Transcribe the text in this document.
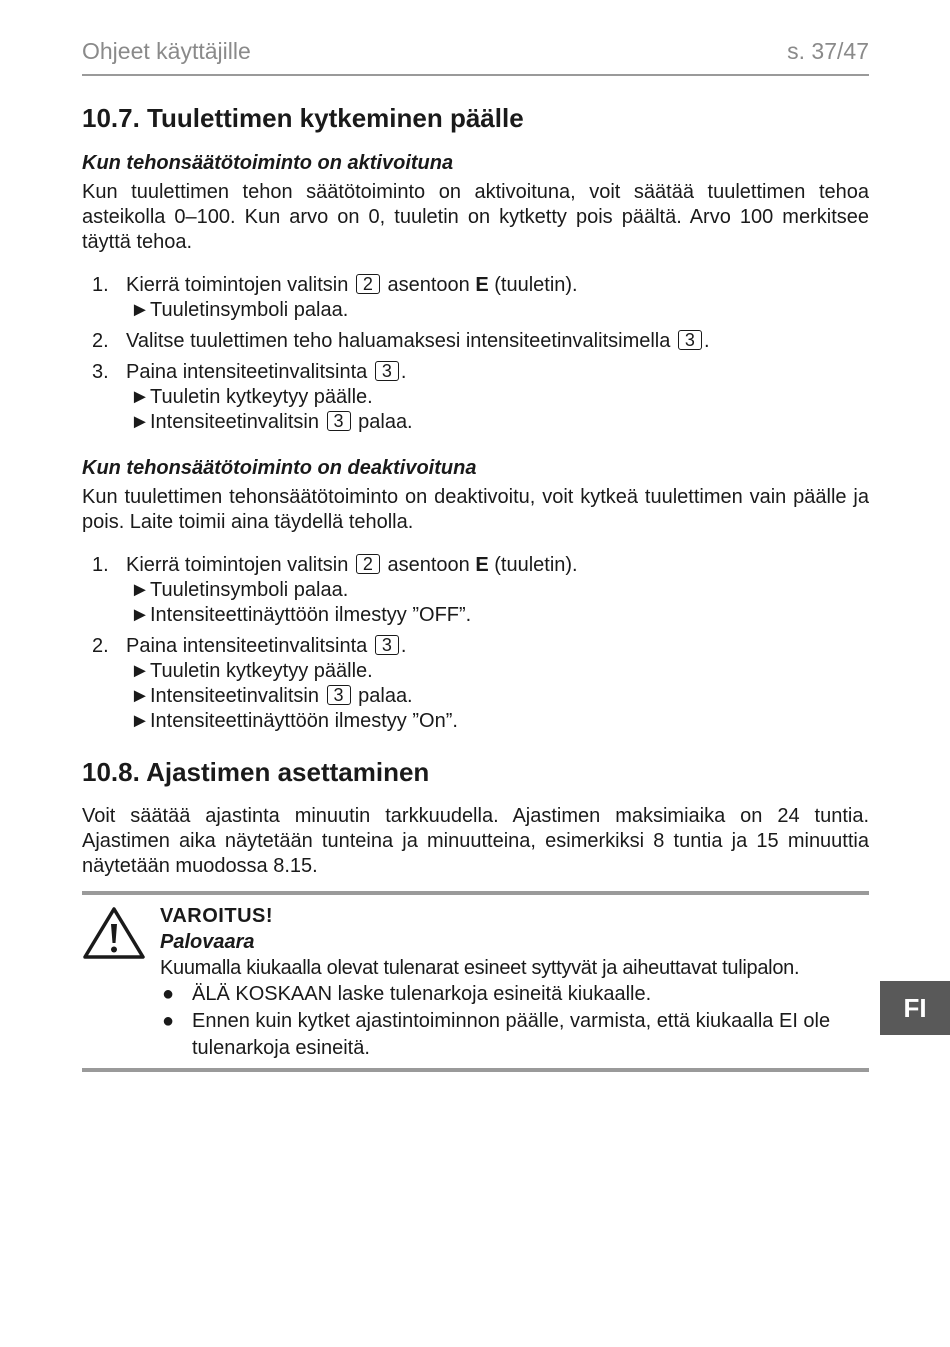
Ohjeet käyttäjille	s. 37/47
10.7. Tuulettimen kytkeminen päälle
Kun tehonsäätötoiminto on aktivoituna

Kun tuulettimen tehon säätötoiminto on aktivoituna, voit säätää tuulettimen tehoa asteikolla 0–100. Kun arvo on 0, tuuletin on kytketty pois päältä. Arvo 100 merkitsee täyttä tehoa.

1. Kierrä toimintojen valitsin 2 asentoon E (tuuletin).
►Tuuletinsymboli palaa.
2. Valitse tuulettimen teho haluamaksesi intensiteetinvalitsimella 3 .
3. Paina intensiteetinvalitsinta 3 .
►Tuuletin kytkeytyy päälle.
►Intensiteetinvalitsin 3 palaa.
Kun tehonsäätötoiminto on deaktivoituna

Kun tuulettimen tehonsäätötoiminto on deaktivoitu, voit kytkeä tuulettimen vain päälle ja pois. Laite toimii aina täydellä teholla.

1. Kierrä toimintojen valitsin 2 asentoon E (tuuletin).
►Tuuletinsymboli palaa.
►Intensiteettinäyttöön ilmestyy ”OFF”.
2. Paina intensiteetinvalitsinta 3 .
►Tuuletin kytkeytyy päälle.
►Intensiteetinvalitsin 3 palaa.
►Intensiteettinäyttöön ilmestyy ”On”.
10.8. Ajastimen asettaminen

Voit säätää ajastinta minuutin tarkkuudella. Ajastimen maksimiaika on 24 tuntia. Ajastimen aika näytetään tunteina ja minuutteina, esimerkiksi 8 tuntia ja 15 minuuttia näytetään muodossa 8.15.

VAROITUS!
Palovaara
Kuumalla kiukaalla olevat tulenarat esineet syttyvät ja aiheuttavat tulipalon.
● ÄLÄ KOSKAAN laske tulenarkoja esineitä kiukaalle.
● Ennen kuin kytket ajastintoiminnon päälle, varmista, että kiukaalla EI ole tulenarkoja esineitä.
FI
